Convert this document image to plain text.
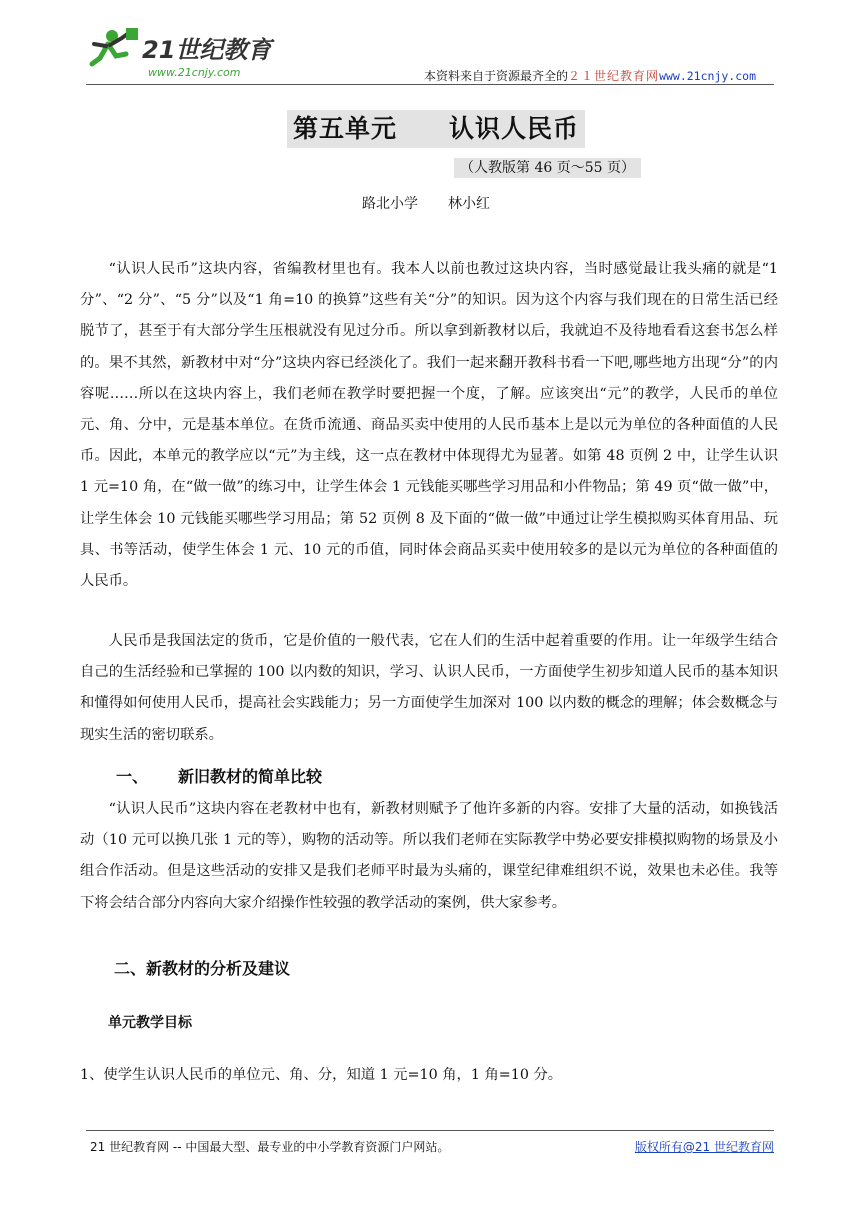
21世纪教育
www.21cnjy.com	本资料来自于资源最齐全的２１世纪教育网www.21cnjy.com
第五单元 认识人民币
（人教版第 46 页～55 页）
路北小学 林小红

“认识人民币”这块内容，省编教材里也有。我本人以前也教过这块内容，当时感觉最让我头痛的就是“1 分”、“2 分”、“5 分”以及“1 角=10 的换算”这些有关“分”的知识。因为这个内容与我们现在的日常生活已经脱节了，甚至于有大部分学生压根就没有见过分币。所以拿到新教材以后，我就迫不及待地看看这套书怎么样的。果不其然，新教材中对“分”这块内容已经淡化了。我们一起来翻开教科书看一下吧,哪些地方出现“分”的内容呢……所以在这块内容上，我们老师在教学时要把握一个度，了解。应该突出“元”的教学，人民币的单位元、角、分中，元是基本单位。在货币流通、商品买卖中使用的人民币基本上是以元为单位的各种面值的人民币。因此，本单元的教学应以“元”为主线，这一点在教材中体现得尤为显著。如第 48 页例 2 中，让学生认识 1 元=10 角，在“做一做”的练习中，让学生体会 1 元钱能买哪些学习用品和小件物品；第 49 页“做一做”中，让学生体会 10 元钱能买哪些学习用品；第 52 页例 8 及下面的“做一做”中通过让学生模拟购买体育用品、玩具、书等活动，使学生体会 1 元、10 元的币值，同时体会商品买卖中使用较多的是以元为单位的各种面值的人民币。

人民币是我国法定的货币，它是价值的一般代表，它在人们的生活中起着重要的作用。让一年级学生结合自己的生活经验和已掌握的 100 以内数的知识，学习、认识人民币，一方面使学生初步知道人民币的基本知识和懂得如何使用人民币，提高社会实践能力；另一方面使学生加深对 100 以内数的概念的理解；体会数概念与现实生活的密切联系。

一、 新旧教材的简单比较

“认识人民币”这块内容在老教材中也有，新教材则赋予了他许多新的内容。安排了大量的活动，如换钱活动（10 元可以换几张 1 元的等），购物的活动等。所以我们老师在实际教学中势必要安排模拟购物的场景及小组合作活动。但是这些活动的安排又是我们老师平时最为头痛的，课堂纪律难组织不说，效果也未必佳。我等下将会结合部分内容向大家介绍操作性较强的教学活动的案例，供大家参考。

二、新教材的分析及建议
单元教学目标
1、使学生认识人民币的单位元、角、分，知道 1 元=10 角，1 角=10 分。
21 世纪教育网 -- 中国最大型、最专业的中小学教育资源门户网站。	版权所有@21 世纪教育网
